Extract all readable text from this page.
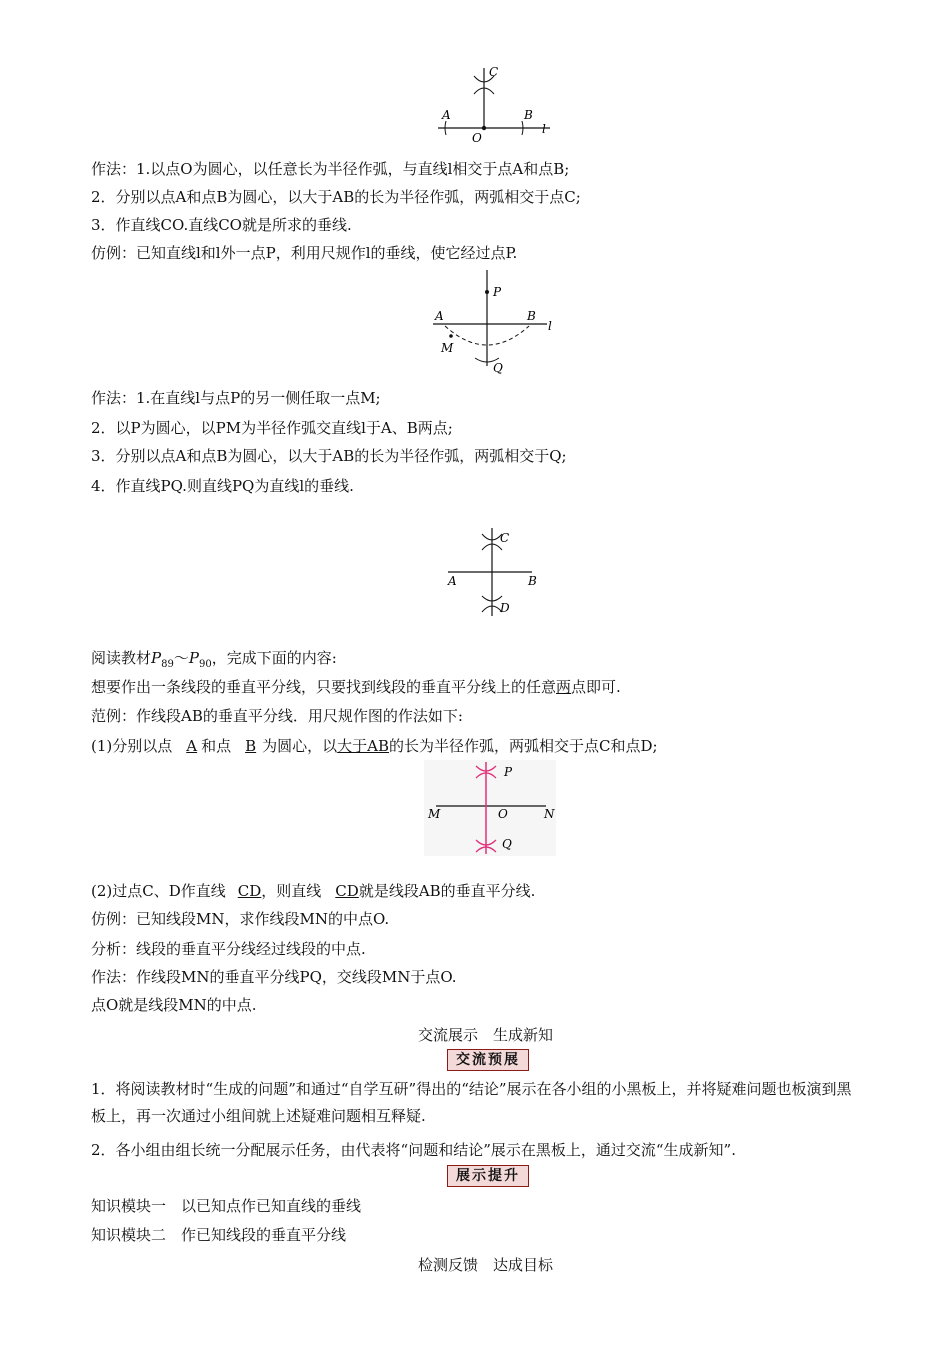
C
A	B
O
l
作法：1.以点O为圆心，以任意长为半径作弧，与直线l相交于点A和点B;
2．分别以点A和点B为圆心，以大于AB的长为半径作弧，两弧相交于点C;
3．作直线CO.直线CO就是所求的垂线.
仿例：已知直线l和l外一点P，利用尺规作l的垂线，使它经过点P.
P
A	B
l
M
Q
作法：1.在直线l与点P的另一侧任取一点M;
2．以P为圆心，以PM为半径作弧交直线l于A、B两点;
3．分别以点A和点B为圆心，以大于AB的长为半径作弧，两弧相交于Q;
4．作直线PQ.则直线PQ为直线l的垂线.
C
A	B
D
阅读教材$P_{89}\sim P_{90}$，完成下面的内容:
想要作出一条线段的垂直平分线，只要找到线段的垂直平分线上的任意两点即可.
范例：作线段AB的垂直平分线．用尺规作图的作法如下:
(1)分别以点 A 和点 B 为圆心，以大于AB的长为半径作弧，两弧相交于点C和点D;
P
M	O	N
Q
(2)过点C、D作直线 CD，则直线 CD就是线段AB的垂直平分线.
仿例：已知线段MN，求作线段MN的中点O.
分析：线段的垂直平分线经过线段的中点.
作法：作线段MN的垂直平分线PQ，交线段MN于点O.
点O就是线段MN的中点.
交流展示　生成新知
交流预展
1．将阅读教材时“生成的问题”和通过“自学互研”得出的“结论”展示在各小组的小黑板上，并将疑难问题也板演到黑板上，再一次通过小组间就上述疑难问题相互释疑.
2．各小组由组长统一分配展示任务，由代表将“问题和结论”展示在黑板上，通过交流“生成新知”.
展示提升
知识模块一　以已知点作已知直线的垂线
知识模块二　作已知线段的垂直平分线
检测反馈　达成目标
